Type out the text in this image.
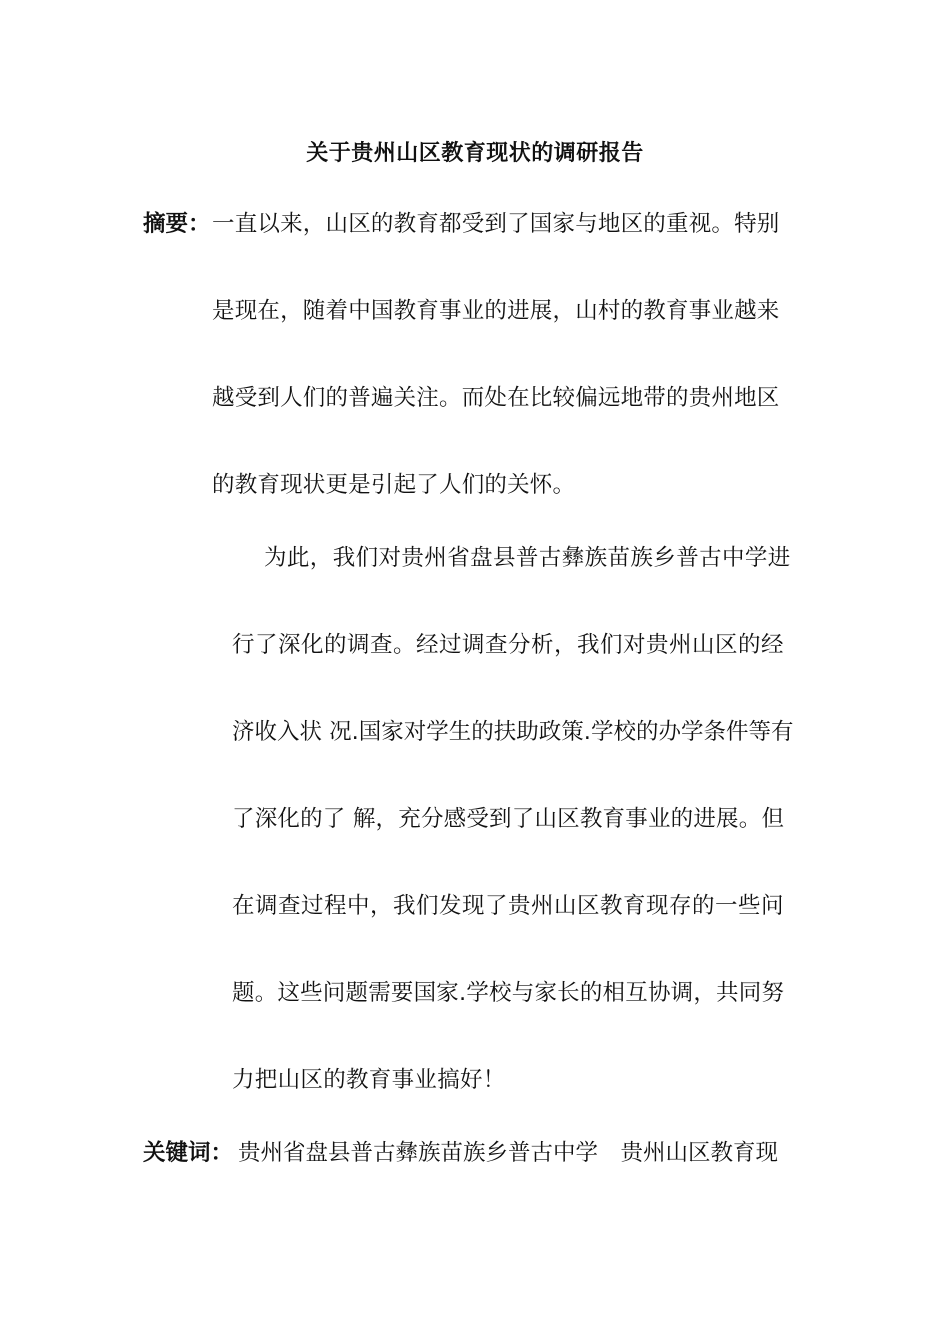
关于贵州山区教育现状的调研报告
摘要： 一直以来，山区的教育都受到了国家与地区的重视。特别
是现在，随着中国教育事业的进展，山村的教育事业越来
越受到人们的普遍关注。而处在比较偏远地带的贵州地区
的教育现状更是引起了人们的关怀。
为此，我们对贵州省盘县普古彝族苗族乡普古中学进
行了深化的调查。经过调查分析，我们对贵州山区的经
济收入状 况.国家对学生的扶助政策.学校的办学条件等有
了深化的了 解，充分感受到了山区教育事业的进展。但
在调查过程中，我们发现了贵州山区教育现存的一些问
题。这些问题需要国家.学校与家长的相互协调，共同努
力把山区的教育事业搞好！
关键词： 贵州省盘县普古彝族苗族乡普古中学　贵州山区教育现
